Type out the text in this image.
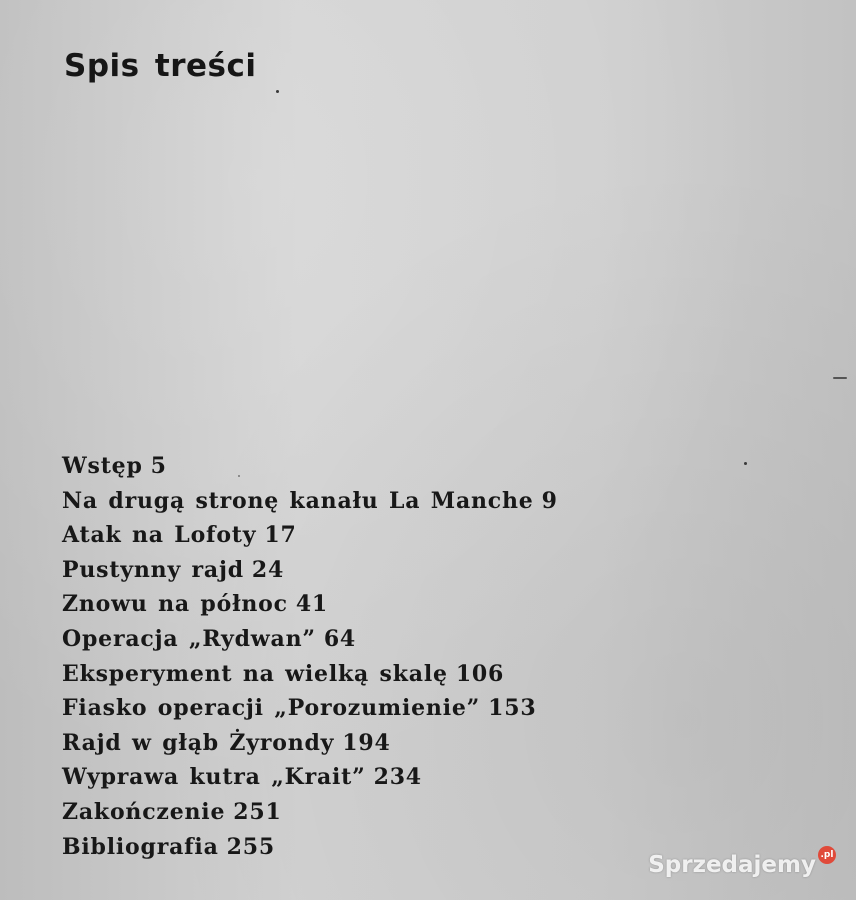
Spis treści
Wstęp 5
Na drugą stronę kanału La Manche 9
Atak na Lofoty 17
Pustynny rajd 24
Znowu na północ 41
Operacja „Rydwan” 64
Eksperyment na wielką skalę 106
Fiasko operacji „Porozumienie” 153
Rajd w głąb Żyrondy 194
Wyprawa kutra „Krait” 234
Zakończenie 251
Bibliografia 255
Sprzedajemy .pl
